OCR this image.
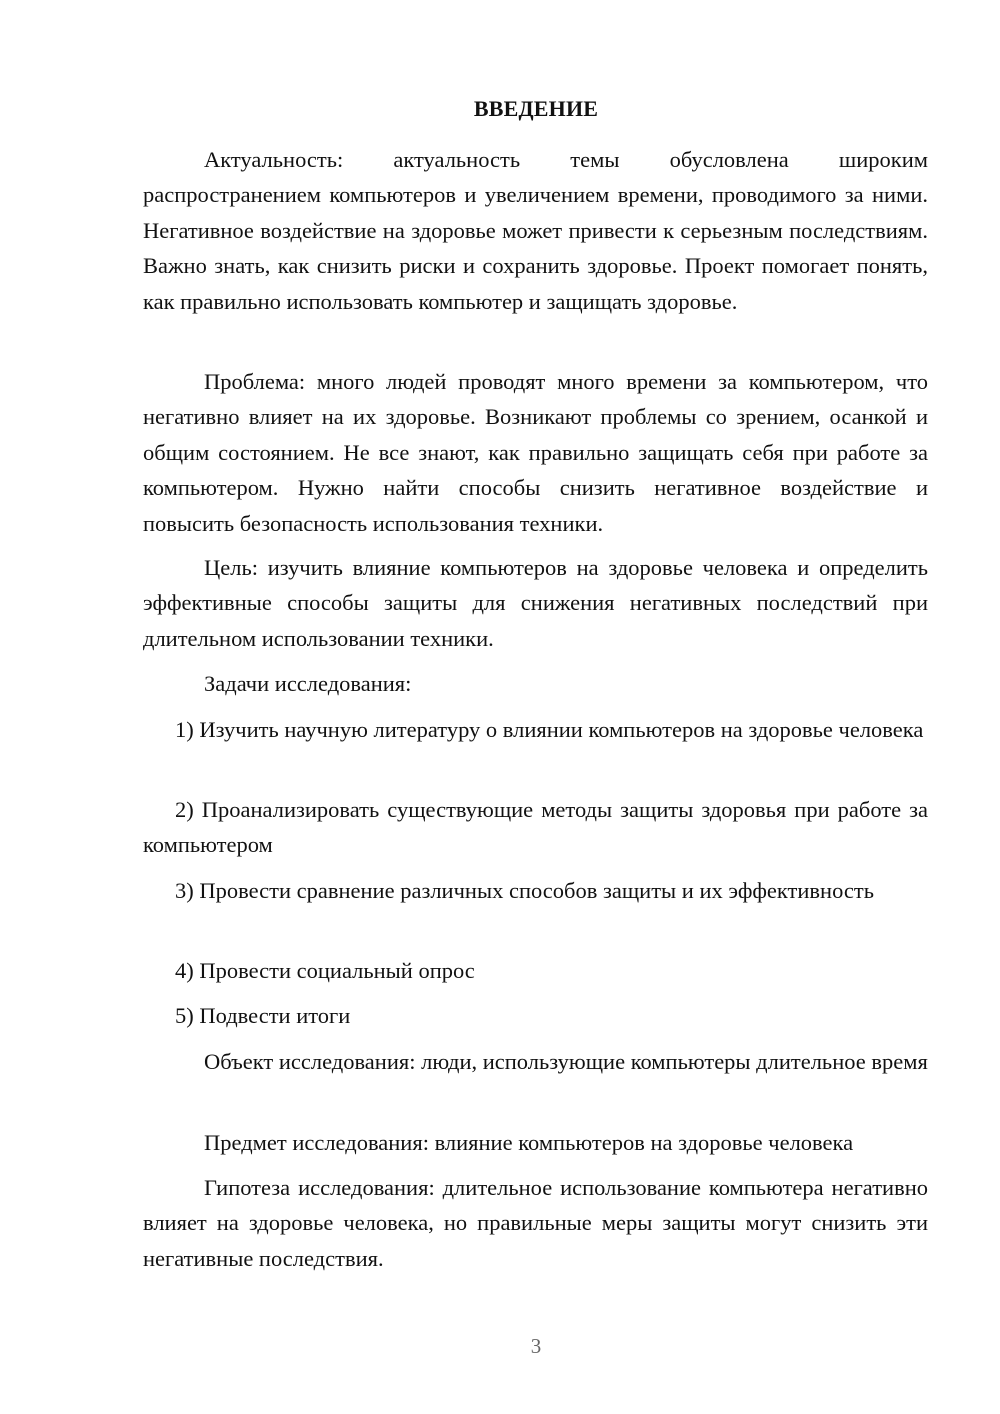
ВВЕДЕНИЕ

Актуальность: актуальность темы обусловлена широким распространением компьютеров и увеличением времени, проводимого за ними. Негативное воздействие на здоровье может привести к серьезным последствиям. Важно знать, как снизить риски и сохранить здоровье. Проект помогает понять, как правильно использовать компьютер и защищать здоровье.

Проблема: много людей проводят много времени за компьютером, что негативно влияет на их здоровье. Возникают проблемы со зрением, осанкой и общим состоянием. Не все знают, как правильно защищать себя при работе за компьютером. Нужно найти способы снизить негативное воздействие и повысить безопасность использования техники.

Цель: изучить влияние компьютеров на здоровье человека и определить эффективные способы защиты для снижения негативных последствий при длительном использовании техники.

Задачи исследования:

1) Изучить научную литературу о влиянии компьютеров на здоровье человека

2) Проанализировать существующие методы защиты здоровья при работе за компьютером

3) Провести сравнение различных способов защиты и их эффективность

4) Провести социальный опрос

5) Подвести итоги

Объект исследования: люди, использующие компьютеры длительное время

Предмет исследования: влияние компьютеров на здоровье человека

Гипотеза исследования: длительное использование компьютера негативно влияет на здоровье человека, но правильные меры защиты могут снизить эти негативные последствия.

3
